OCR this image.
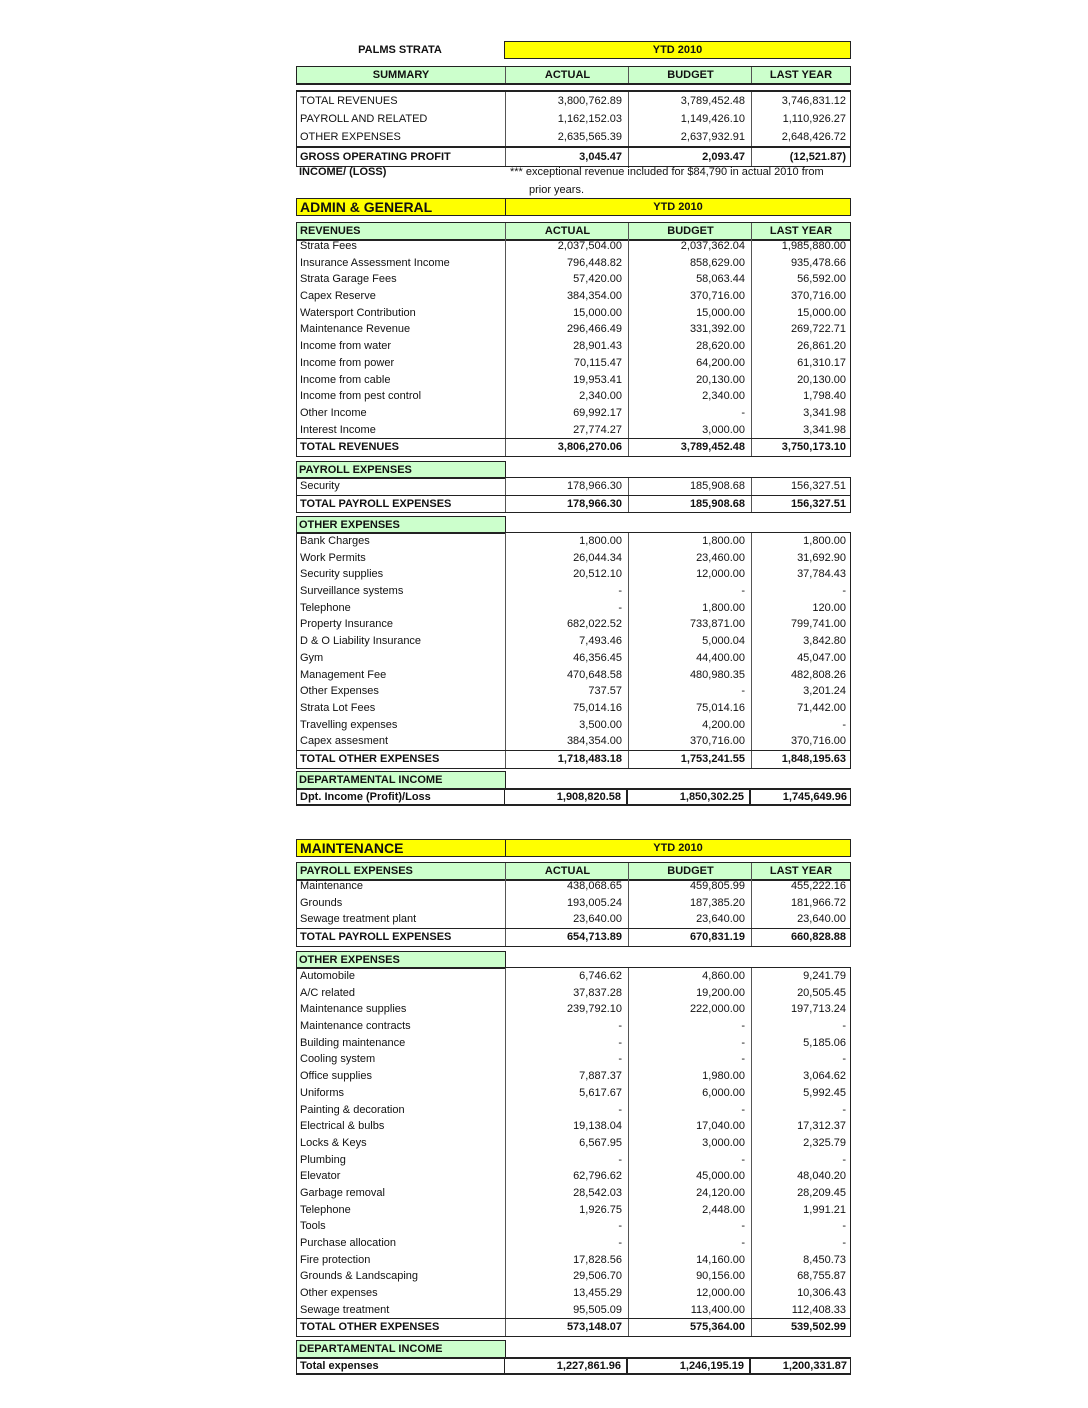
PALMS STRATA	YTD 2010
SUMMARY	ACTUAL	BUDGET	LAST YEAR
TOTAL REVENUES	3,800,762.89	3,789,452.48	3,746,831.12
PAYROLL AND RELATED	1,162,152.03	1,149,426.10	1,110,926.27
OTHER EXPENSES	2,635,565.39	2,637,932.91	2,648,426.72
GROSS OPERATING PROFIT	3,045.47	2,093.47	(12,521.87)
INCOME/ (LOSS)	*** exceptional revenue included for $84,790 in actual 2010 from
prior years.
ADMIN & GENERAL	YTD 2010
REVENUES	ACTUAL	BUDGET	LAST YEAR
Strata Fees	2,037,504.00	2,037,362.04	1,985,880.00
Insurance Assessment Income	796,448.82	858,629.00	935,478.66
Strata Garage Fees	57,420.00	58,063.44	56,592.00
Capex Reserve	384,354.00	370,716.00	370,716.00
Watersport Contribution	15,000.00	15,000.00	15,000.00
Maintenance Revenue	296,466.49	331,392.00	269,722.71
Income from water	28,901.43	28,620.00	26,861.20
Income from power	70,115.47	64,200.00	61,310.17
Income from cable	19,953.41	20,130.00	20,130.00
Income from pest control	2,340.00	2,340.00	1,798.40
Other Income	69,992.17	-	3,341.98
Interest Income	27,774.27	3,000.00	3,341.98
TOTAL REVENUES	3,806,270.06	3,789,452.48	3,750,173.10
PAYROLL EXPENSES
Security	178,966.30	185,908.68	156,327.51
TOTAL PAYROLL EXPENSES	178,966.30	185,908.68	156,327.51
OTHER EXPENSES
Bank Charges	1,800.00	1,800.00	1,800.00
Work Permits	26,044.34	23,460.00	31,692.90
Security supplies	20,512.10	12,000.00	37,784.43
Surveillance systems	-	-	-
Telephone	-	1,800.00	120.00
Property Insurance	682,022.52	733,871.00	799,741.00
D & O Liability Insurance	7,493.46	5,000.04	3,842.80
Gym	46,356.45	44,400.00	45,047.00
Management Fee	470,648.58	480,980.35	482,808.26
Other Expenses	737.57	-	3,201.24
Strata Lot Fees	75,014.16	75,014.16	71,442.00
Travelling expenses	3,500.00	4,200.00	-
Capex assesment	384,354.00	370,716.00	370,716.00
TOTAL OTHER EXPENSES	1,718,483.18	1,753,241.55	1,848,195.63
DEPARTAMENTAL INCOME
Dpt. Income (Profit)/Loss	1,908,820.58	1,850,302.25	1,745,649.96
MAINTENANCE	YTD 2010
PAYROLL EXPENSES	ACTUAL	BUDGET	LAST YEAR
Maintenance	438,068.65	459,805.99	455,222.16
Grounds	193,005.24	187,385.20	181,966.72
Sewage treatment plant	23,640.00	23,640.00	23,640.00
TOTAL PAYROLL EXPENSES	654,713.89	670,831.19	660,828.88
OTHER EXPENSES
Automobile	6,746.62	4,860.00	9,241.79
A/C related	37,837.28	19,200.00	20,505.45
Maintenance supplies	239,792.10	222,000.00	197,713.24
Maintenance contracts	-	-	-
Building maintenance	-	-	5,185.06
Cooling system	-	-	-
Office supplies	7,887.37	1,980.00	3,064.62
Uniforms	5,617.67	6,000.00	5,992.45
Painting & decoration	-	-	-
Electrical & bulbs	19,138.04	17,040.00	17,312.37
Locks & Keys	6,567.95	3,000.00	2,325.79
Plumbing	-	-	-
Elevator	62,796.62	45,000.00	48,040.20
Garbage removal	28,542.03	24,120.00	28,209.45
Telephone	1,926.75	2,448.00	1,991.21
Tools	-	-	-
Purchase allocation	-	-	-
Fire protection	17,828.56	14,160.00	8,450.73
Grounds & Landscaping	29,506.70	90,156.00	68,755.87
Other expenses	13,455.29	12,000.00	10,306.43
Sewage treatment	95,505.09	113,400.00	112,408.33
TOTAL OTHER EXPENSES	573,148.07	575,364.00	539,502.99
DEPARTAMENTAL INCOME
Total expenses	1,227,861.96	1,246,195.19	1,200,331.87
